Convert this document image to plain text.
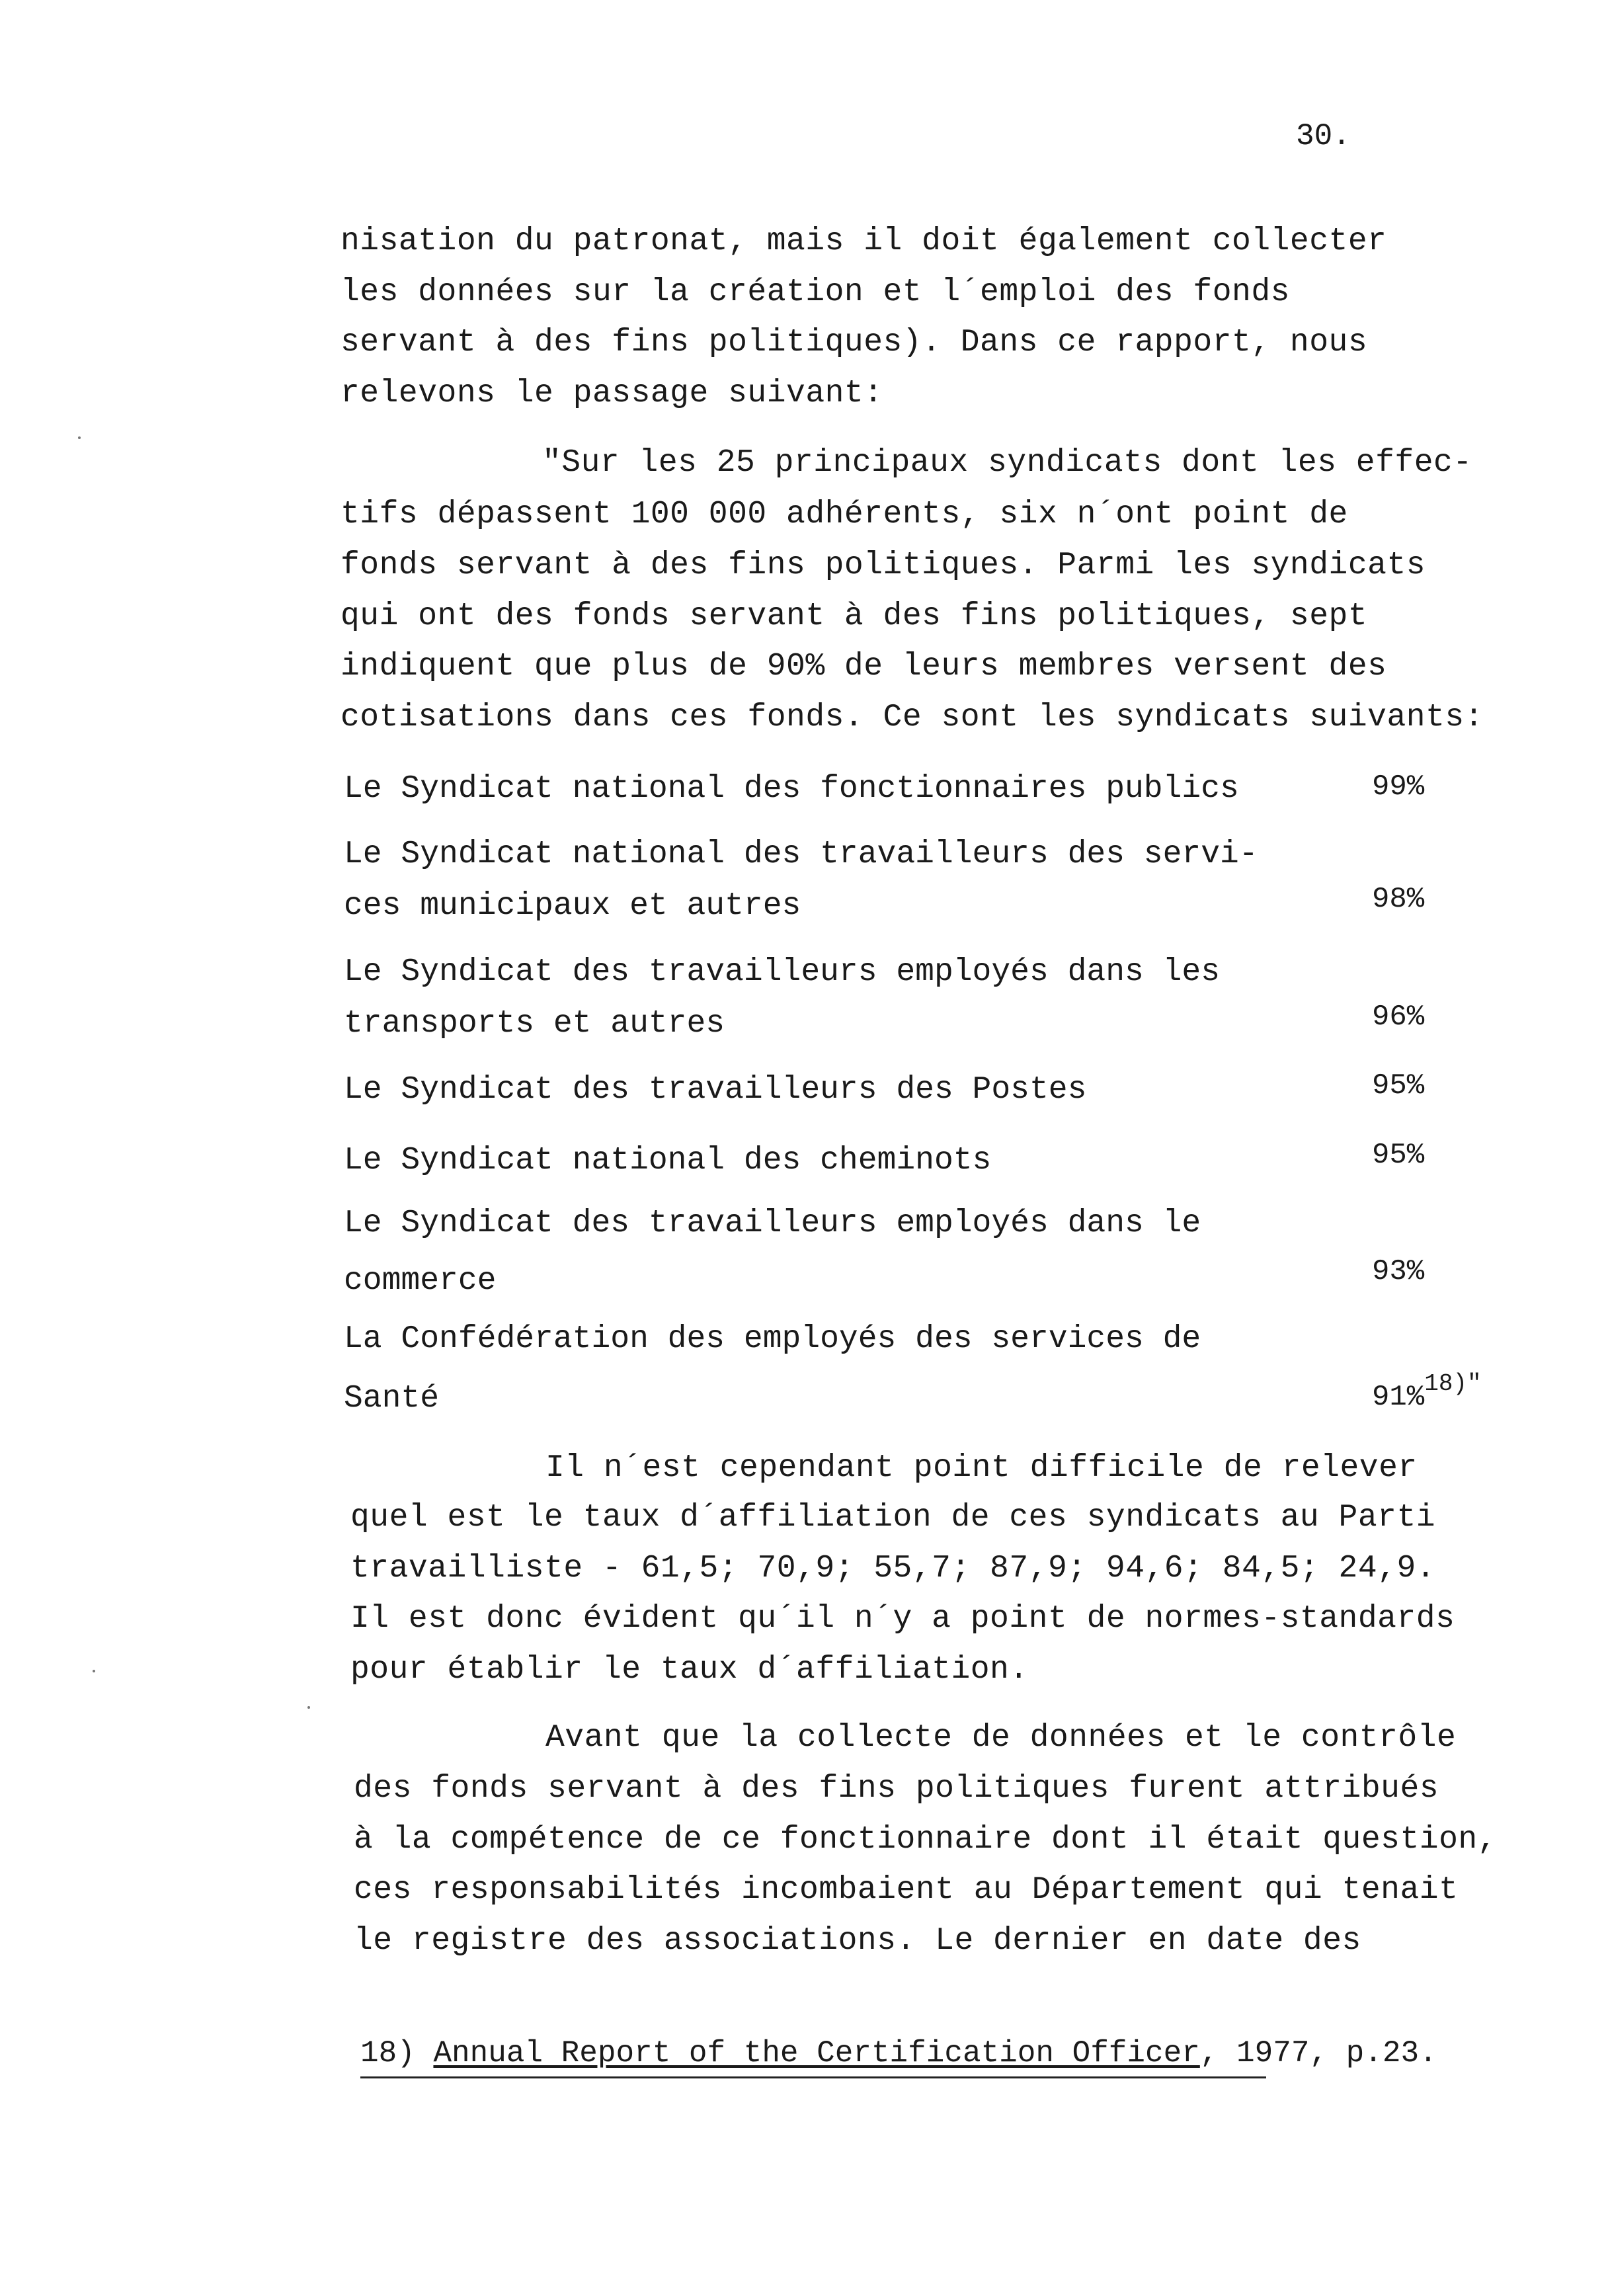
30.
nisation du patronat, mais il doit également collecter
les données sur la création et l´emploi des fonds
servant à des fins politiques). Dans ce rapport, nous
relevons le passage suivant:
"Sur les 25 principaux syndicats dont les effec-
tifs dépassent 100 000 adhérents, six n´ont point de
fonds servant à des fins politiques. Parmi les syndicats
qui ont des fonds servant à des fins politiques, sept
indiquent que plus de 90% de leurs membres versent des
cotisations dans ces fonds. Ce sont les syndicats suivants:
Le Syndicat national des fonctionnaires publics	99%
Le Syndicat national des travailleurs des servi-
ces municipaux et autres	98%
Le Syndicat des travailleurs employés dans les
transports et autres	96%
Le Syndicat des travailleurs des Postes	95%
Le Syndicat national des cheminots	95%
Le Syndicat des travailleurs employés dans le
commerce	93%
La Confédération des employés des services de
Santé	91%$^{18)"}$
Il n´est cependant point difficile de relever
quel est le taux d´affiliation de ces syndicats au Parti
travailliste - 61,5; 70,9; 55,7; 87,9; 94,6; 84,5; 24,9.
Il est donc évident qu´il n´y a point de normes-standards
pour établir le taux d´affiliation.
Avant que la collecte de données et le contrôle
des fonds servant à des fins politiques furent attribués
à la compétence de ce fonctionnaire dont il était question,
ces responsabilités incombaient au Département qui tenait
le registre des associations. Le dernier en date des
18) Annual Report of the Certification Officer, 1977, p.23.
